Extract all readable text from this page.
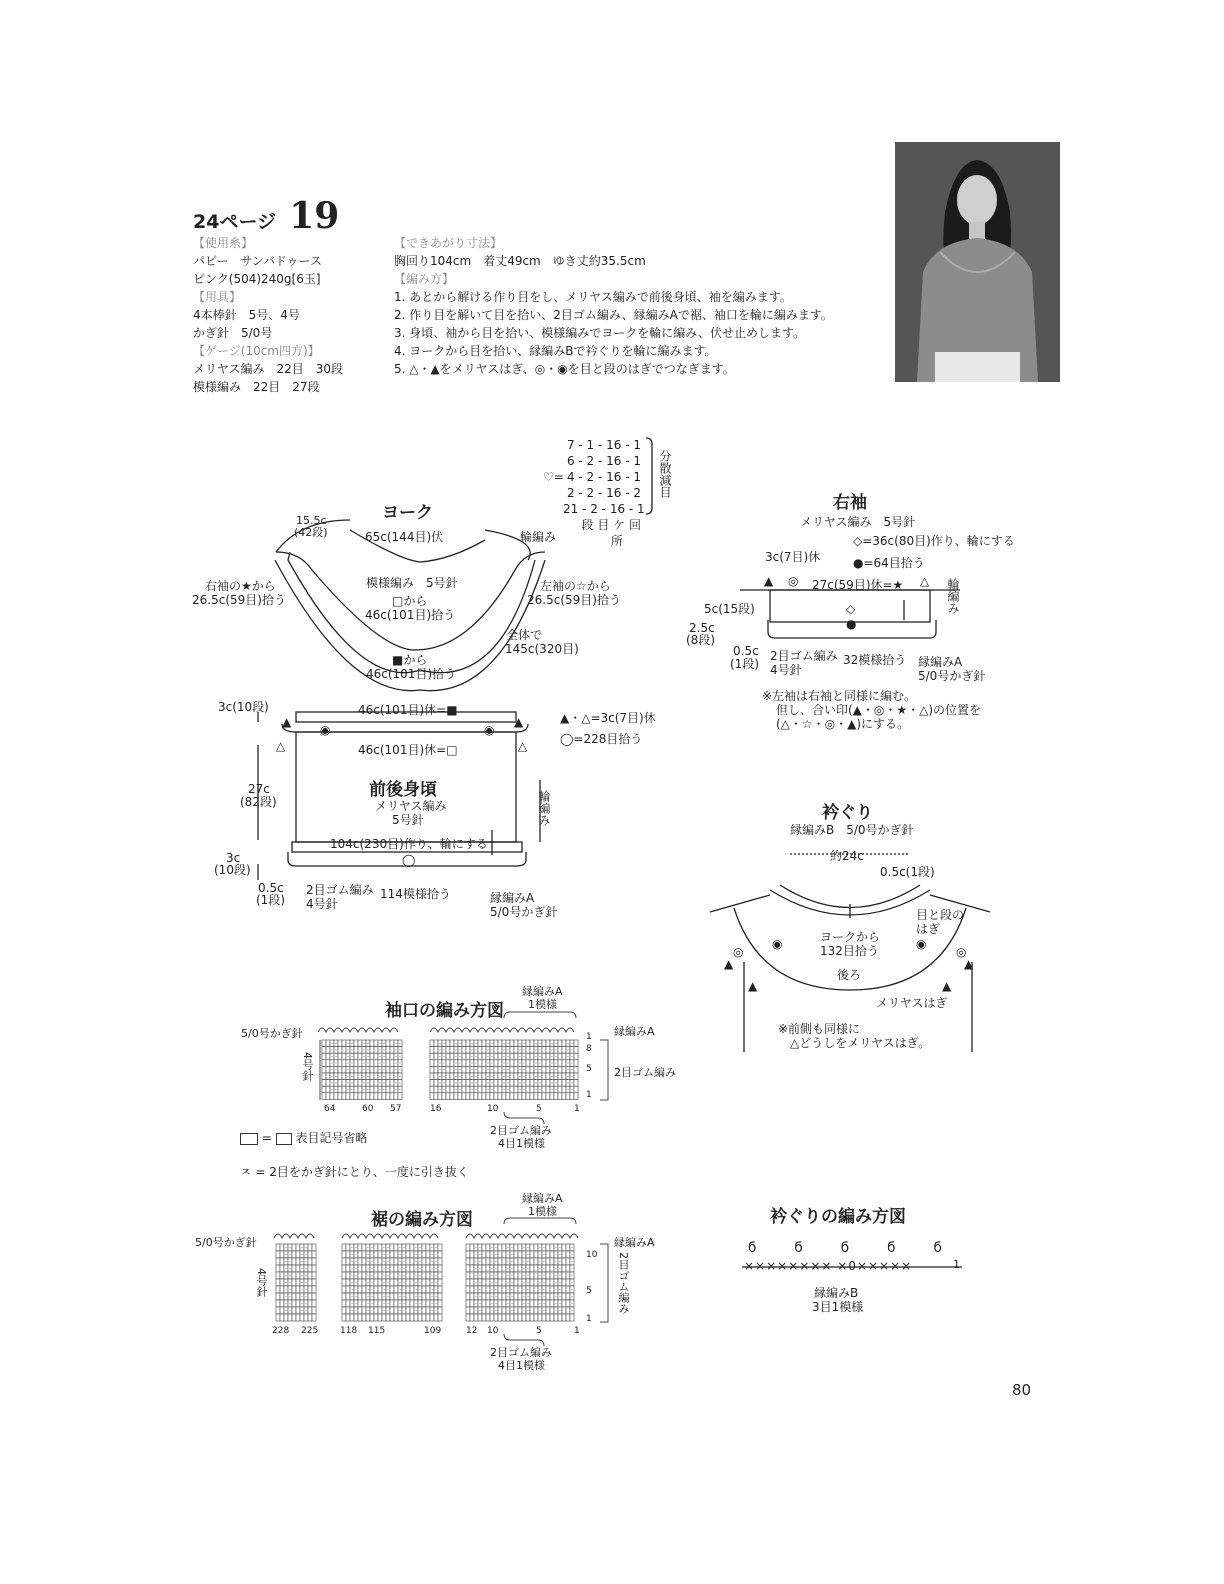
24ページ 19
【使用糸】
パピー　サンバドゥース
ピンク(504)240g[6玉]
【用具】
4本棒針　5号、4号
かぎ針　5/0号
【ゲージ(10cm四方)】
メリヤス編み　22目　30段
模様編み　22目　27段
【できあがり寸法】
胸回り104cm　着丈49cm　ゆき丈約35.5cm
【編み方】
1. あとから解ける作り目をし、メリヤス編みで前後身頃、袖を編みます。
2. 作り目を解いて目を拾い、2目ゴム編み、縁編みAで裾、袖口を輪に編みます。
3. 身頃、袖から目を拾い、模様編みでヨークを輪に編み、伏せ止めします。
4. ヨークから目を拾い、縁編みBで衿ぐりを輪に編みます。
5. △・▲をメリヤスはぎ、◎・◉を目と段のはぎでつなぎます。
7 - 1 - 16 - 1
6 - 2 - 16 - 1
4 - 2 - 16 - 1
2 - 2 - 16 - 2
21 - 2 - 16 - 1
段 目 ケ 回
所
♡=	分散減目
ヨーク
15.5c
(42段)	65c(144目)伏	輪編み
模様編み　5号針
右袖の★から
26.5c(59目)拾う
左袖の☆から
26.5c(59目)拾う
□から
46c(101目)拾う
全体で
145c(320目)
■から
46c(101目)拾う
右袖
メリヤス編み　5号針
◇=36c(80目)作り、輪にする
●=64目拾う
3c(7目)休
27c(59目)休=★	輪編み
5c(15段)
2.5c
(8段)
0.5c
(1段)
2目ゴム編み
4号針
32模様拾う 縁編みA
5/0号かぎ針
※左袖は右袖と同様に編む。
但し、合い印(▲・◎・★・△)の位置を
(△・☆・◎・▲)にする。
▲ ◎	△
◇
●
46c(101目)休=■
46c(101目)休=□
▲・△=3c(7目)休
◯=228目拾う
3c(10段)
27c
(82段)
前後身頃
メリヤス編み
5号針	輪編み
104c(230目)作り、輪にする
3c
(10段)
0.5c
(1段)
2目ゴム編み
4号針
114模様拾う	縁編みA
5/0号かぎ針
▲
△
◉	◉
▲
△
◯
衿ぐり
縁編みB　5/0号かぎ針
約24c
0.5c(1段)
目と段の
はぎ
ヨークから
132目拾う
後ろ
メリヤスはぎ
※前側も同様に
△どうしをメリヤスはぎ。
◎
◉
▲
▲
◉
◎
▲
▲
袖口の編み方図
縁編みA
1模様
5/0号かぎ針
4号針
縁編みA
2目ゴム編み
1
8
5
1
64	60 57	16	10	5	1
2目ゴム編み
4目1模様
= 表目記号省略
ㅈ = 2目をかぎ針にとり、一度に引き抜く
裾の編み方図
縁編みA
1模様
5/0号かぎ針
4号針
縁編みA
2目ゴム編み
10
5
1
228 225 118 115	109	12 10	5	1
2目ゴム編み
4目1模様
衿ぐりの編み方図
ϭ    ϭ    ϭ    ϭ    ϭ
×××××××× ×0×××××	1
縁編みB
3目1模様
80
